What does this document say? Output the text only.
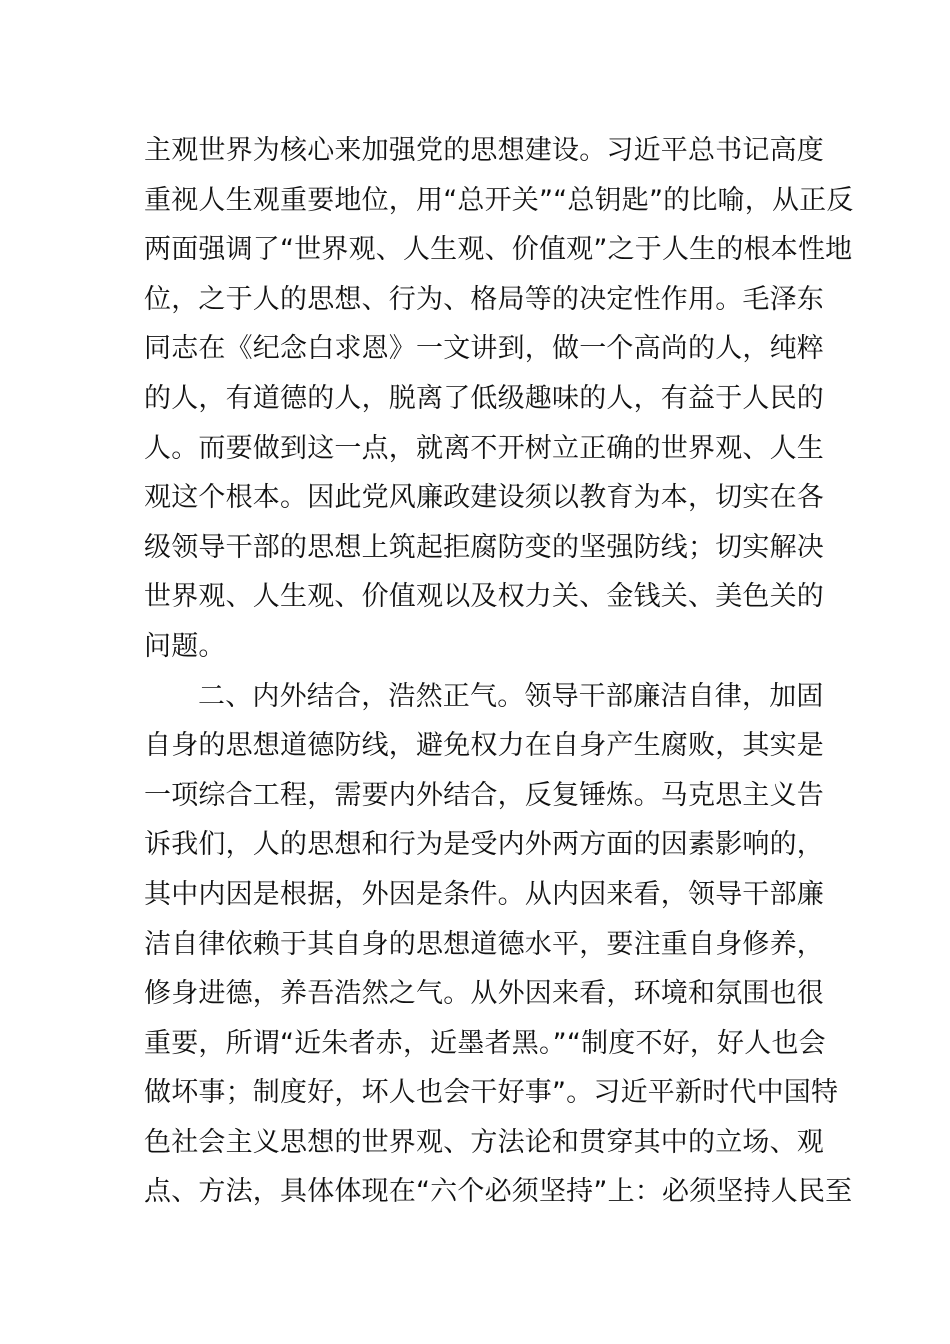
主观世界为核心来加强党的思想建设。习近平总书记高度
重视人生观重要地位，用“总开关”“总钥匙”的比喻，从正反
两面强调了“世界观、人生观、价值观”之于人生的根本性地
位，之于人的思想、行为、格局等的决定性作用。毛泽东
同志在《纪念白求恩》一文讲到，做一个高尚的人，纯粹
的人，有道德的人，脱离了低级趣味的人，有益于人民的
人。而要做到这一点，就离不开树立正确的世界观、人生
观这个根本。因此党风廉政建设须以教育为本，切实在各
级领导干部的思想上筑起拒腐防变的坚强防线；切实解决
世界观、人生观、价值观以及权力关、金钱关、美色关的
问题。
二、内外结合，浩然正气。领导干部廉洁自律，加固
自身的思想道德防线，避免权力在自身产生腐败，其实是
一项综合工程，需要内外结合，反复锤炼。马克思主义告
诉我们，人的思想和行为是受内外两方面的因素影响的，
其中内因是根据，外因是条件。从内因来看，领导干部廉
洁自律依赖于其自身的思想道德水平，要注重自身修养，
修身进德，养吾浩然之气。从外因来看，环境和氛围也很
重要，所谓“近朱者赤，近墨者黑。”“制度不好，好人也会
做坏事；制度好，坏人也会干好事”。习近平新时代中国特
色社会主义思想的世界观、方法论和贯穿其中的立场、观
点、方法，具体体现在“六个必须坚持”上：必须坚持人民至
